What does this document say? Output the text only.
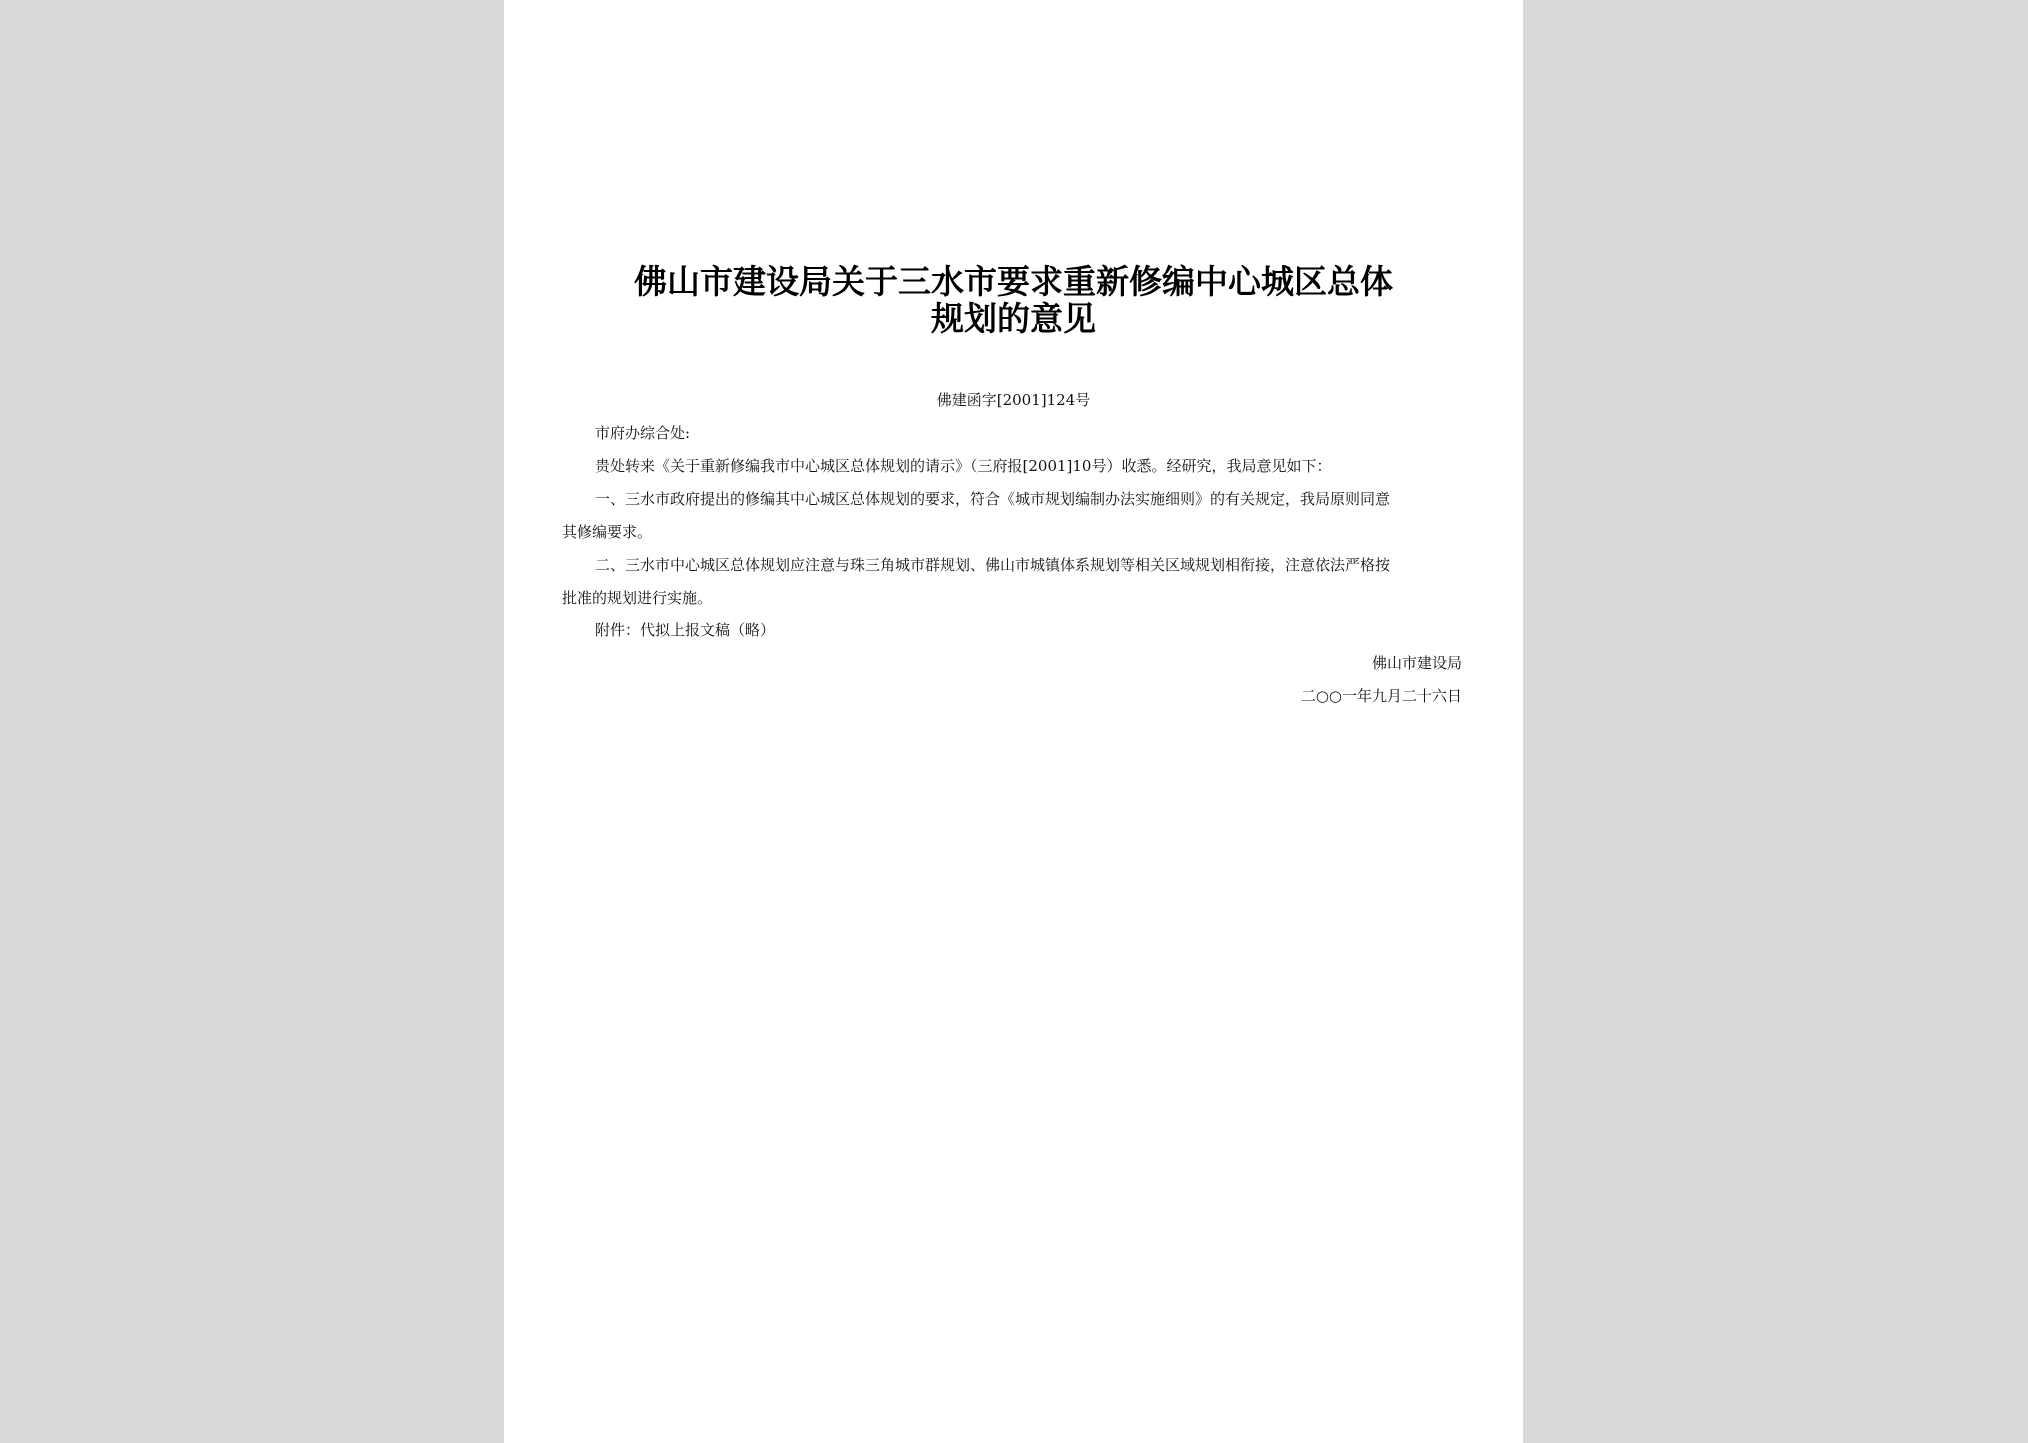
佛山市建设局关于三水市要求重新修编中心城区总体
规划的意见
佛建函字[2001]124号
市府办综合处:
贵处转来《关于重新修编我市中心城区总体规划的请示》（三府报[2001]10号）收悉。经研究，我局意见如下：
一、三水市政府提出的修编其中心城区总体规划的要求，符合《城市规划编制办法实施细则》的有关规定，我局原则同意
其修编要求。
二、三水市中心城区总体规划应注意与珠三角城市群规划、佛山市城镇体系规划等相关区域规划相衔接，注意依法严格按
批准的规划进行实施。
附件：代拟上报文稿（略）
佛山市建设局
二○○一年九月二十六日
